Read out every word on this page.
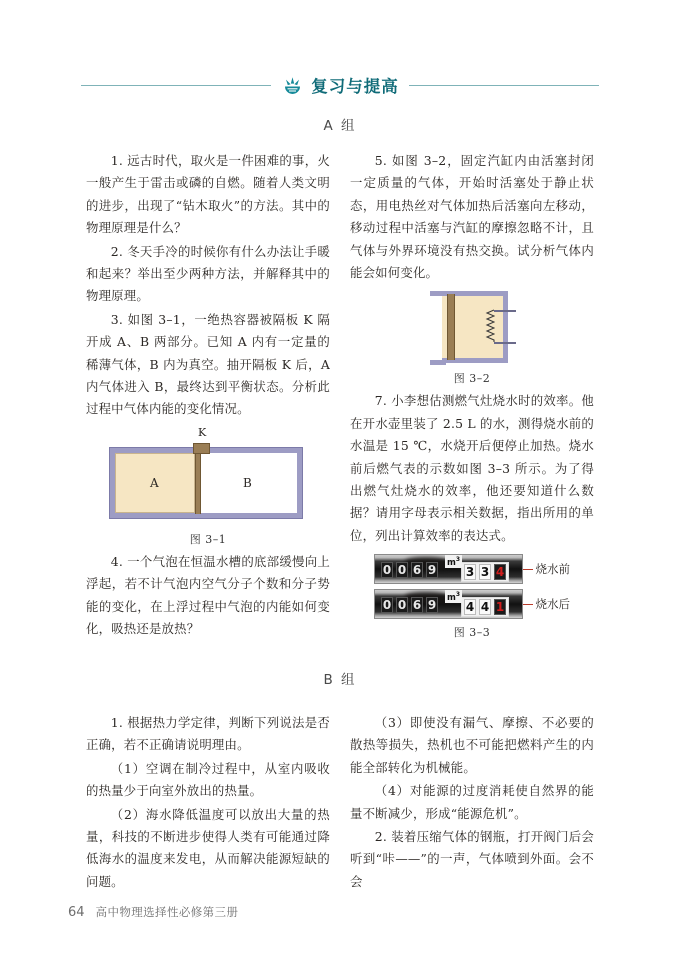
复习与提高
A 组

1. 远古时代，取火是一件困难的事，火一般产生于雷击或磷的自燃。随着人类文明的进步，出现了“钻木取火”的方法。其中的物理原理是什么？

2. 冬天手冷的时候你有什么办法让手暖和起来？举出至少两种方法，并解释其中的物理原理。

3. 如图 3–1，一绝热容器被隔板 K 隔开成 A、B 两部分。已知 A 内有一定量的稀薄气体，B 内为真空。抽开隔板 K 后，A 内气体进入 B，最终达到平衡状态。分析此过程中气体内能的变化情况。

K
A	B
图 3–1

4. 一个气泡在恒温水槽的底部缓慢向上浮起，若不计气泡内空气分子个数和分子势能的变化，在上浮过程中气泡的内能如何变化，吸热还是放热？

5. 如图 3–2，固定汽缸内由活塞封闭一定质量的气体，开始时活塞处于静止状态，用电热丝对气体加热后活塞向左移动，移动过程中活塞与汽缸的摩擦忽略不计，且气体与外界环境没有热交换。试分析气体内能会如何变化。

图 3–2

7. 小李想估测燃气灶烧水时的效率。他在开水壶里装了 2.5 L 的水，测得烧水前的水温是 15 ℃，水烧开后便停止加热。烧水前后燃气表的示数如图 3–3 所示。为了得出燃气灶烧水的效率，他还要知道什么数据？请用字母表示相关数据，指出所用的单位，列出计算效率的表达式。

$m^3$
0 0 6 9 3 3 4	烧水前
$m^3$
0 0 6 9 4 4 1	烧水后
图 3–3
B 组

1. 根据热力学定律，判断下列说法是否正确，若不正确请说明理由。

（1）空调在制冷过程中，从室内吸收的热量少于向室外放出的热量。

（2）海水降低温度可以放出大量的热量，科技的不断进步使得人类有可能通过降低海水的温度来发电，从而解决能源短缺的问题。

（3）即使没有漏气、摩擦、不必要的散热等损失，热机也不可能把燃料产生的内能全部转化为机械能。

（4）对能源的过度消耗使自然界的能量不断减少，形成“能源危机”。

2. 装着压缩气体的钢瓶，打开阀门后会听到“咔——”的一声，气体喷到外面。会不会

64 高中物理选择性必修第三册
